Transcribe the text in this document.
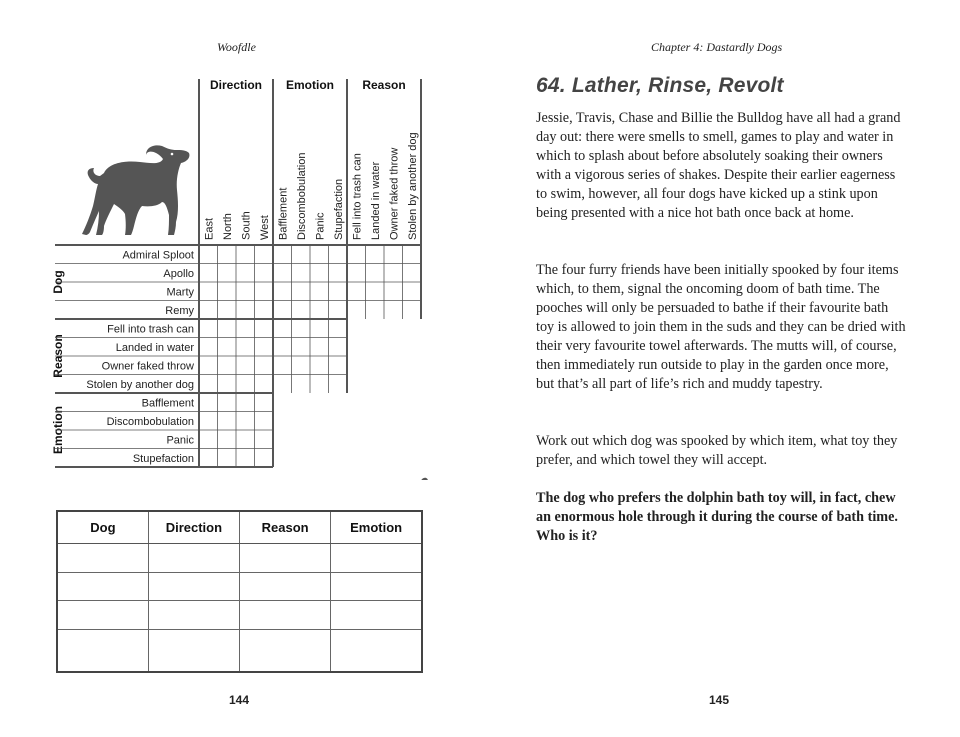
Woofdle
Direction
East North South West
Emotion
Bafflement Discombobulation Panic Stupefaction
Reason
Fell into trash can Landed in water Owner faked throw Stolen by another dog
Dog
Admiral Sploot
Apollo
Marty
Remy
Reason
Fell into trash can
Landed in water
Owner faked throw
Stolen by another dog
Emotion
Bafflement
Discombobulation
Panic
Stupefaction
Dog	Direction	Reason	Emotion

144
Chapter 4: Dastardly Dogs
64. Lather, Rinse, Revolt

Jessie, Travis, Chase and Billie the Bulldog have all had a grand day out: there were smells to smell, games to play and water in which to splash about before absolutely soaking their owners with a vigorous series of shakes. Despite their earlier eagerness to swim, however, all four dogs have kicked up a stink upon being presented with a nice hot bath once back at home.

The four furry friends have been initially spooked by four items which, to them, signal the oncoming doom of bath time. The pooches will only be persuaded to bathe if their favourite bath toy is allowed to join them in the suds and they can be dried with their very favourite towel afterwards. The mutts will, of course, then immediately run outside to play in the garden once more, but that’s all part of life’s rich and muddy tapestry.

Work out which dog was spooked by which item, what toy they prefer, and which towel they will accept.

The dog who prefers the dolphin bath toy will, in fact, chew an enormous hole through it during the course of bath time. Who is it?

145
